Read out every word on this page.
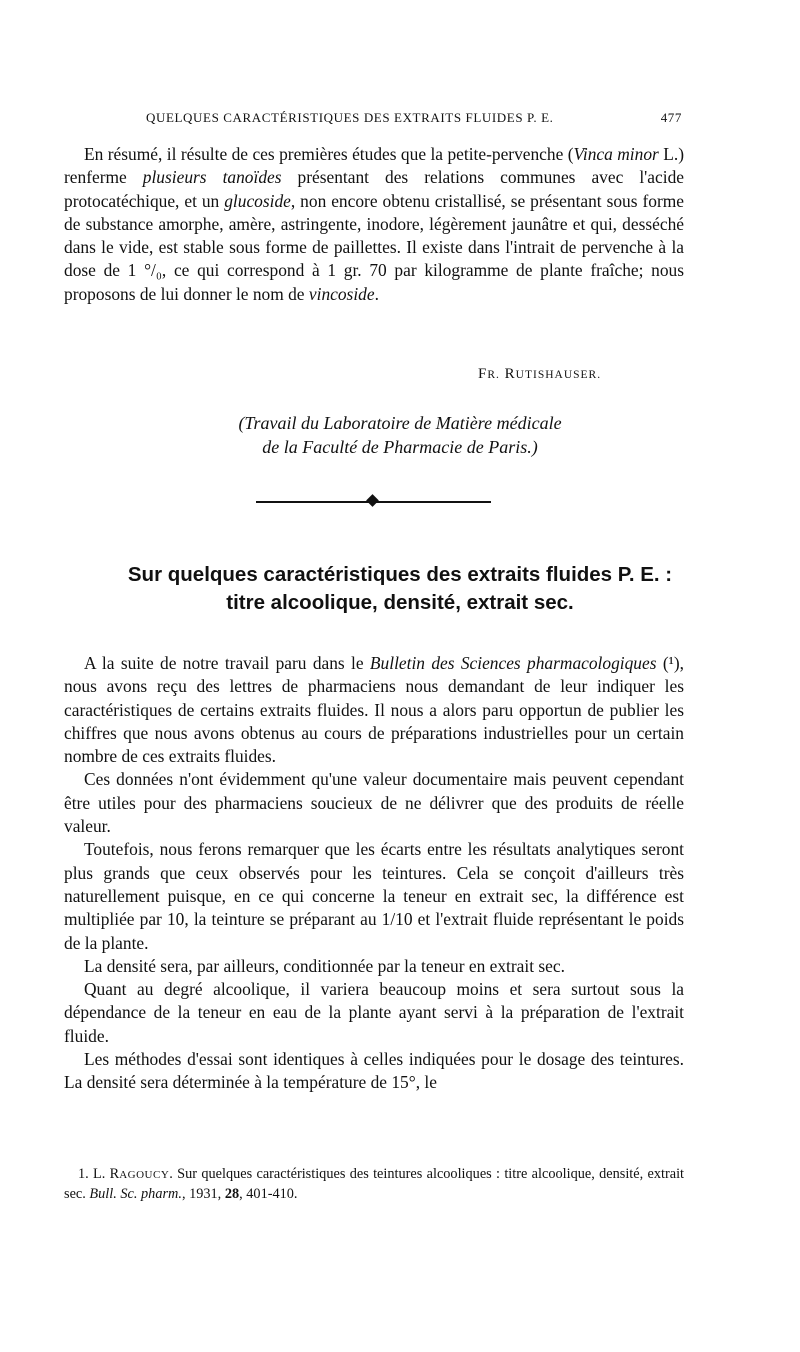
QUELQUES CARACTÉRISTIQUES DES EXTRAITS FLUIDES P. E.	477
En résumé, il résulte de ces premières études que la petite-pervenche (Vinca minor L.) renferme plusieurs tanoïdes présentant des relations communes avec l'acide protocatéchique, et un glucoside, non encore obtenu cristallisé, se présentant sous forme de substance amorphe, amère, astringente, inodore, légèrement jaunâtre et qui, desséché dans le vide, est stable sous forme de paillettes. Il existe dans l'intrait de pervenche à la dose de 1 °/₀, ce qui correspond à 1 gr. 70 par kilogramme de plante fraîche; nous proposons de lui donner le nom de vincoside.
FR. RUTISHAUSER.
(Travail du Laboratoire de Matière médicale
de la Faculté de Pharmacie de Paris.)
Sur quelques caractéristiques des extraits fluides P. E. :
titre alcoolique, densité, extrait sec.
A la suite de notre travail paru dans le Bulletin des Sciences pharmacologiques (¹), nous avons reçu des lettres de pharmaciens nous demandant de leur indiquer les caractéristiques de certains extraits fluides. Il nous a alors paru opportun de publier les chiffres que nous avons obtenus au cours de préparations industrielles pour un certain nombre de ces extraits fluides.
Ces données n'ont évidemment qu'une valeur documentaire mais peuvent cependant être utiles pour des pharmaciens soucieux de ne délivrer que des produits de réelle valeur.
Toutefois, nous ferons remarquer que les écarts entre les résultats analytiques seront plus grands que ceux observés pour les teintures. Cela se conçoit d'ailleurs très naturellement puisque, en ce qui concerne la teneur en extrait sec, la différence est multipliée par 10, la teinture se préparant au 1/10 et l'extrait fluide représentant le poids de la plante.
La densité sera, par ailleurs, conditionnée par la teneur en extrait sec.
Quant au degré alcoolique, il variera beaucoup moins et sera surtout sous la dépendance de la teneur en eau de la plante ayant servi à la préparation de l'extrait fluide.
Les méthodes d'essai sont identiques à celles indiquées pour le dosage des teintures. La densité sera déterminée à la température de 15°, le
1. L. RAGOUCY. Sur quelques caractéristiques des teintures alcooliques : titre alcoolique, densité, extrait sec. Bull. Sc. pharm., 1931, 28, 401-410.
